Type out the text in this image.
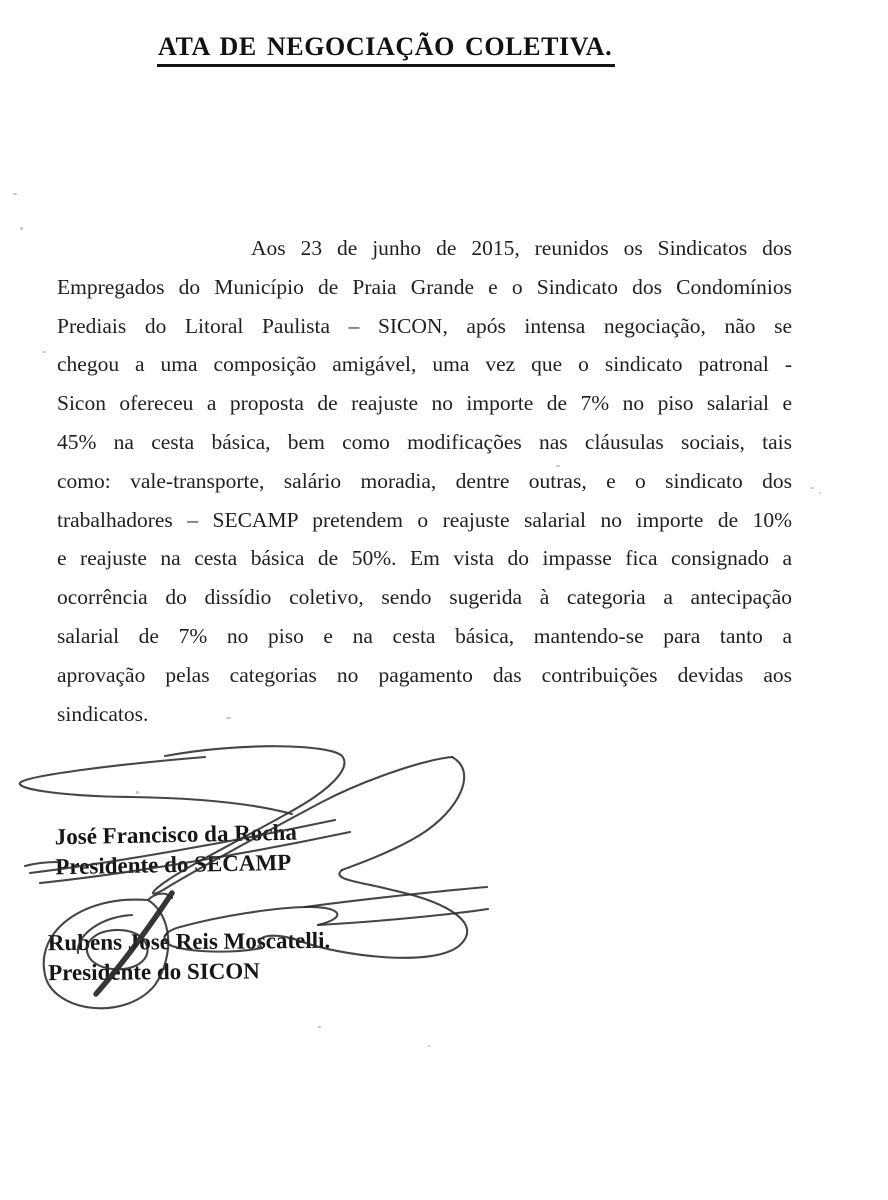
ATA DE NEGOCIAÇÃO COLETIVA.
Aos 23 de junho de 2015, reunidos os Sindicatos dos
Empregados do Município de Praia Grande e o Sindicato dos Condomínios
Prediais do Litoral Paulista – SICON, após intensa negociação, não se
chegou a uma composição amigável, uma vez que o sindicato patronal -
Sicon ofereceu a proposta de reajuste no importe de 7% no piso salarial e
45% na cesta básica, bem como modificações nas cláusulas sociais, tais
como: vale-transporte, salário moradia, dentre outras, e o sindicato dos
trabalhadores – SECAMP pretendem o reajuste salarial no importe de 10%
e reajuste na cesta básica de 50%. Em vista do impasse fica consignado a
ocorrência do dissídio coletivo, sendo sugerida à categoria a antecipação
salarial de 7% no piso e na cesta básica, mantendo-se para tanto a
aprovação pelas categorias no pagamento das contribuições devidas aos
sindicatos.
José Francisco da Rocha
Presidente do SECAMP
Rubens José Reis Moscatelli.
Presidente do SICON
